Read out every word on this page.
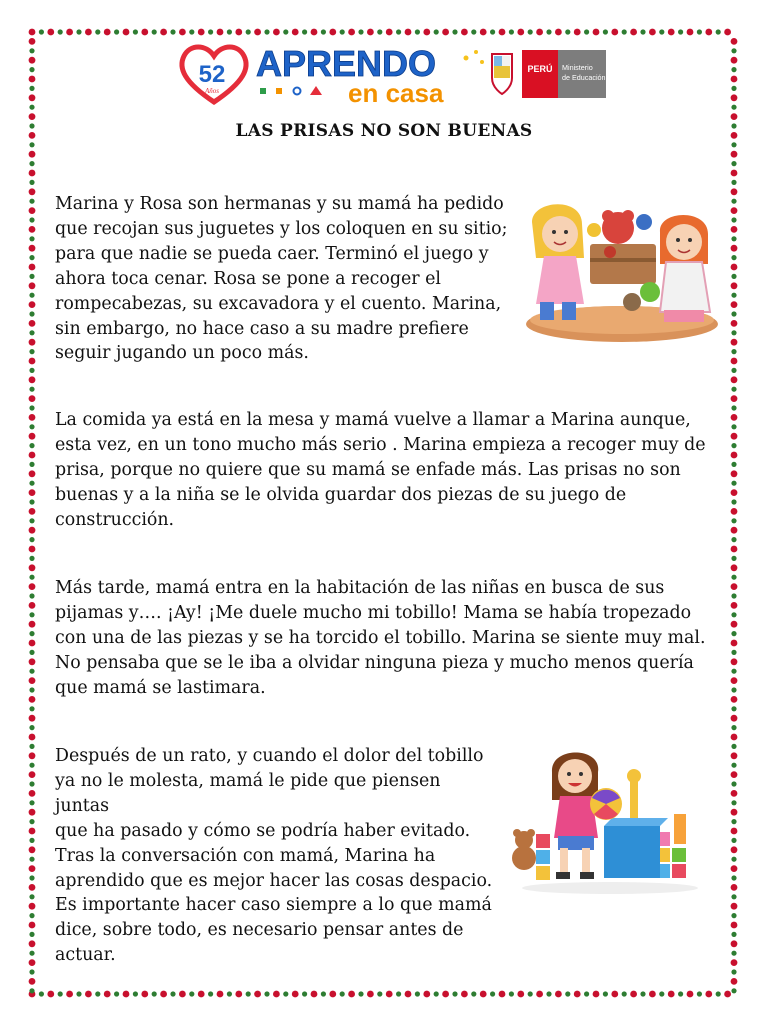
52
Años
APRENDO
en casa
PERÚ Ministerio
de Educación
LAS PRISAS NO SON BUENAS

Marina y Rosa son hermanas y su mamá ha pedido
que recojan sus juguetes y los coloquen en su sitio;
para que nadie se pueda caer. Terminó el juego y
ahora toca cenar. Rosa se pone a recoger el
rompecabezas, su excavadora y el cuento. Marina,
sin embargo, no hace caso a su madre prefiere
seguir jugando un poco más.

La comida ya está en la mesa y mamá vuelve a llamar a Marina aunque,
esta vez, en un tono mucho más serio . Marina empieza a recoger muy de
prisa, porque no quiere que su mamá se enfade más. Las prisas no son
buenas y a la niña se le olvida guardar dos piezas de su juego de
construcción.

Más tarde, mamá entra en la habitación de las niñas en busca de sus
pijamas y…. ¡Ay! ¡Me duele mucho mi tobillo! Mama se había tropezado
con una de las piezas y se ha torcido el tobillo. Marina se siente muy mal.
No pensaba que se le iba a olvidar ninguna pieza y mucho menos quería
que mamá se lastimara.

Después de un rato, y cuando el dolor del tobillo
ya no le molesta, mamá le pide que piensen juntas
que ha pasado y cómo se podría haber evitado.
Tras la conversación con mamá, Marina ha
aprendido que es mejor hacer las cosas despacio.
Es importante hacer caso siempre a lo que mamá
dice, sobre todo, es necesario pensar antes de
actuar.
